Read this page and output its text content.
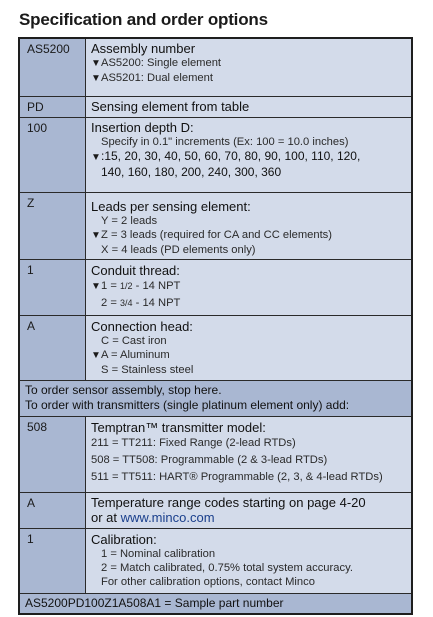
Specification and order options
AS5200	Assembly number
▼AS5200: Single element
▼AS5201: Dual element
PD	Sensing element from table
100	Insertion depth D:
Specify in 0.1" increments (Ex: 100 = 10.0 inches)
▼:15, 20, 30, 40, 50, 60, 70, 80, 90, 100, 110, 120,
140, 160, 180, 200, 240, 300, 360
Z	Leads per sensing element:
Y = 2 leads
▼Z = 3 leads (required for CA and CC elements)
X = 4 leads (PD elements only)
1	Conduit thread:
▼1 = 1/2 - 14 NPT
2 = 3/4 - 14 NPT
A	Connection head:
C = Cast iron
▼A = Aluminum
S = Stainless steel
To order sensor assembly, stop here.
To order with transmitters (single platinum element only) add:
508	Temptran™ transmitter model:
211 = TT211: Fixed Range (2-lead RTDs)
508 = TT508: Programmable (2 & 3-lead RTDs)
511 = TT511: HART® Programmable (2, 3, & 4-lead RTDs)
A	Temperature range codes starting on page 4-20
or at www.minco.com
1	Calibration:
1 = Nominal calibration
2 = Match calibrated, 0.75% total system accuracy.
For other calibration options, contact Minco
AS5200PD100Z1A508A1 = Sample part number
